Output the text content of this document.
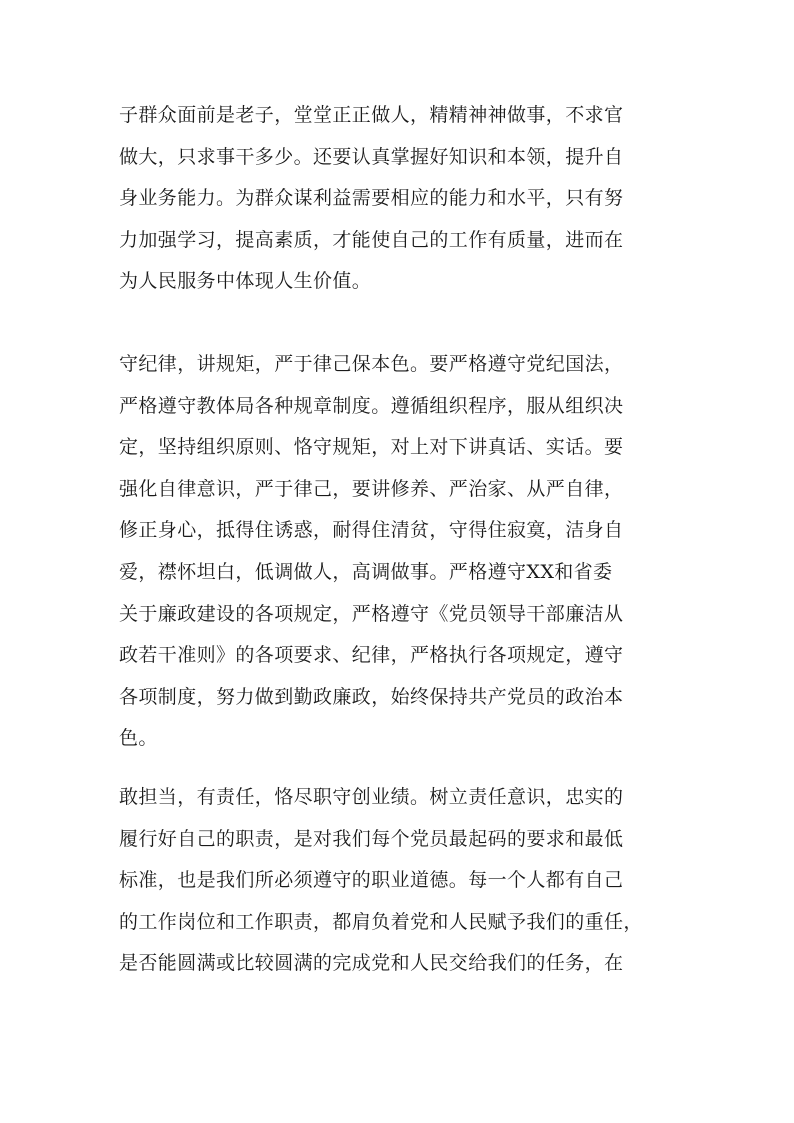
子群众面前是老子，堂堂正正做人，精精神神做事，不求官
做大，只求事干多少。还要认真掌握好知识和本领，提升自
身业务能力。为群众谋利益需要相应的能力和水平，只有努
力加强学习，提高素质，才能使自己的工作有质量，进而在
为人民服务中体现人生价值。
守纪律，讲规矩，严于律己保本色。要严格遵守党纪国法，
严格遵守教体局各种规章制度。遵循组织程序，服从组织决
定，坚持组织原则、恪守规矩，对上对下讲真话、实话。要
强化自律意识，严于律己，要讲修养、严治家、从严自律，
修正身心，抵得住诱惑，耐得住清贫，守得住寂寞，洁身自
爱，襟怀坦白，低调做人，高调做事。严格遵守XX和省委
关于廉政建设的各项规定，严格遵守《党员领导干部廉洁从
政若干准则》的各项要求、纪律，严格执行各项规定，遵守
各项制度，努力做到勤政廉政，始终保持共产党员的政治本
色。
敢担当，有责任，恪尽职守创业绩。树立责任意识，忠实的
履行好自己的职责，是对我们每个党员最起码的要求和最低
标准，也是我们所必须遵守的职业道德。每一个人都有自己
的工作岗位和工作职责，都肩负着党和人民赋予我们的重任，
是否能圆满或比较圆满的完成党和人民交给我们的任务，在
